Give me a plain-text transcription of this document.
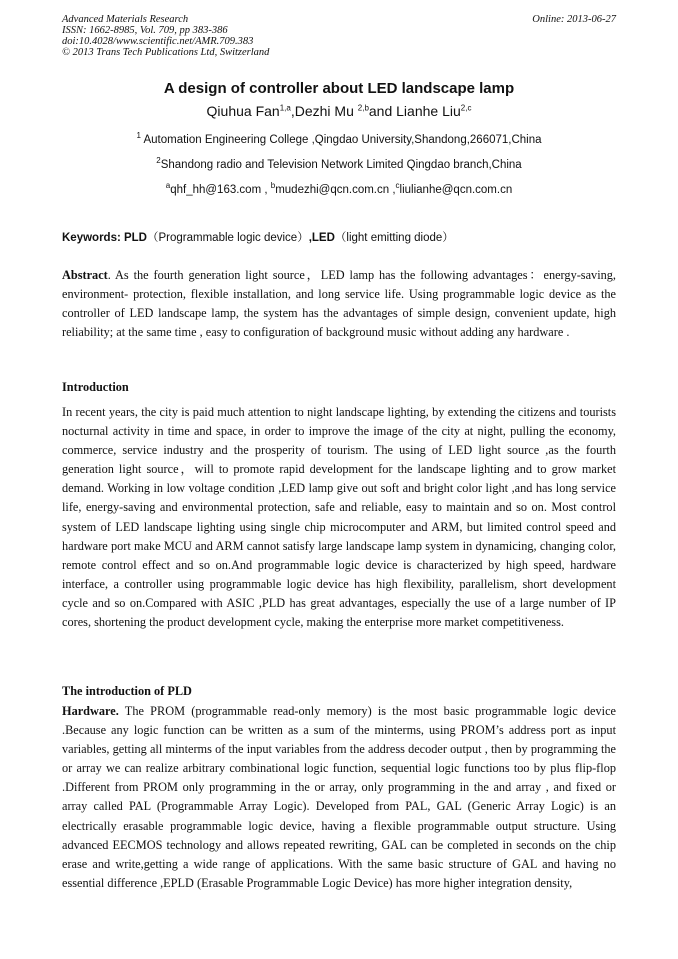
Advanced Materials Research
ISSN: 1662-8985, Vol. 709, pp 383-386
doi:10.4028/www.scientific.net/AMR.709.383
© 2013 Trans Tech Publications Ltd, Switzerland
Online: 2013-06-27
A design of controller about LED landscape lamp
Qiuhua Fan$^{1,a}$,Dezhi Mu $^{2,b}$and Lianhe Liu$^{2,c}$
$^1$ Automation Engineering College ,Qingdao University,Shandong,266071,China
$^2$Shandong radio and Television Network Limited Qingdao branch,China
$^a$qhf_hh@163.com , $^b$mudezhi@qcn.com.cn ,$^c$liulianhe@qcn.com.cn
Keywords: PLD（Programmable logic device）,LED（light emitting diode）
Abstract. As the fourth generation light source，LED lamp has the following advantages：energy-saving, environment- protection, flexible installation, and long service life. Using programmable logic device as the controller of LED landscape lamp, the system has the advantages of simple design, convenient update, high reliability; at the same time , easy to configuration of background music without adding any hardware .
Introduction
In recent years, the city is paid much attention to night landscape lighting, by extending the citizens and tourists nocturnal activity in time and space, in order to improve the image of the city at night, pulling the economy, commerce, service industry and the prosperity of tourism. The using of LED light source ,as the fourth generation light source，will to promote rapid development for the landscape lighting and to grow market demand. Working in low voltage condition ,LED lamp give out soft and bright color light ,and has long service life, energy-saving and environmental protection, safe and reliable, easy to maintain and so on. Most control system of LED landscape lighting using single chip microcomputer and ARM, but limited control speed and hardware port make MCU and ARM cannot satisfy large landscape lamp system in dynamicing, changing color, remote control effect and so on.And programmable logic device is characterized by high speed, hardware interface, a controller using programmable logic device has high flexibility, parallelism, short development cycle and so on.Compared with ASIC ,PLD has great advantages, especially the use of a large number of IP cores, shortening the product development cycle, making the enterprise more market competitiveness.
The introduction of PLD
Hardware. The PROM (programmable read-only memory) is the most basic programmable logic device .Because any logic function can be written as a sum of the minterms, using PROM’s address port as input variables, getting all minterms of the input variables from the address decoder output , then by programming the or array we can realize arbitrary combinational logic function, sequential logic functions too by plus flip-flop .Different from PROM only programming in the or array, only programming in the and array , and fixed or array called PAL (Programmable Array Logic). Developed from PAL, GAL (Generic Array Logic) is an electrically erasable programmable logic device, having a flexible programmable output structure. Using advanced EECMOS technology and allows repeated rewriting, GAL can be completed in seconds on the chip erase and write,getting a wide range of applications. With the same basic structure of GAL and having no essential difference ,EPLD (Erasable Programmable Logic Device) has more higher integration density,
